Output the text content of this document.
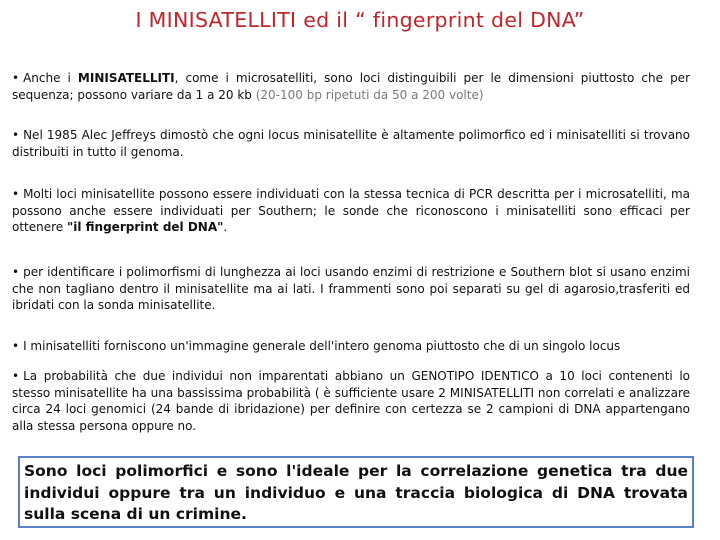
I MINISATELLITI ed il “ fingerprint del DNA”
• Anche i MINISATELLITI, come i microsatelliti, sono loci distinguibili per le dimensioni piuttosto che per sequenza; possono variare da 1 a 20 kb (20-100 bp ripetuti da 50 a 200 volte)
• Nel 1985 Alec Jeffreys dimostò che ogni locus minisatellite è altamente polimorfico ed i minisatelliti si trovano distribuiti in tutto il genoma.
• Molti loci minisatellite possono essere individuati con la stessa tecnica di PCR descritta per i microsatelliti, ma possono anche essere individuati per Southern; le sonde che riconoscono i minisatelliti sono efficaci per ottenere "il fingerprint del DNA".
• per identificare i polimorfismi di lunghezza ai loci usando enzimi di restrizione e Southern blot si usano enzimi che non tagliano dentro il minisatellite ma ai lati. I frammenti sono poi separati su gel di agarosio,trasferiti ed ibridati con la sonda minisatellite.
• I minisatelliti forniscono un'immagine generale dell'intero genoma piuttosto che di un singolo locus
• La probabilità che due individui non imparentati abbiano un GENOTIPO IDENTICO a 10 loci contenenti lo stesso minisatellite ha una bassissima probabilità ( è sufficiente usare 2 MINISATELLITI non correlati e analizzare circa 24 loci genomici (24 bande di ibridazione) per definire con certezza se 2 campioni di DNA appartengano alla stessa persona oppure no.
Sono loci polimorfici e sono l'ideale per la correlazione genetica tra due individui oppure tra un individuo e una traccia biologica di DNA trovata sulla scena di un crimine.
